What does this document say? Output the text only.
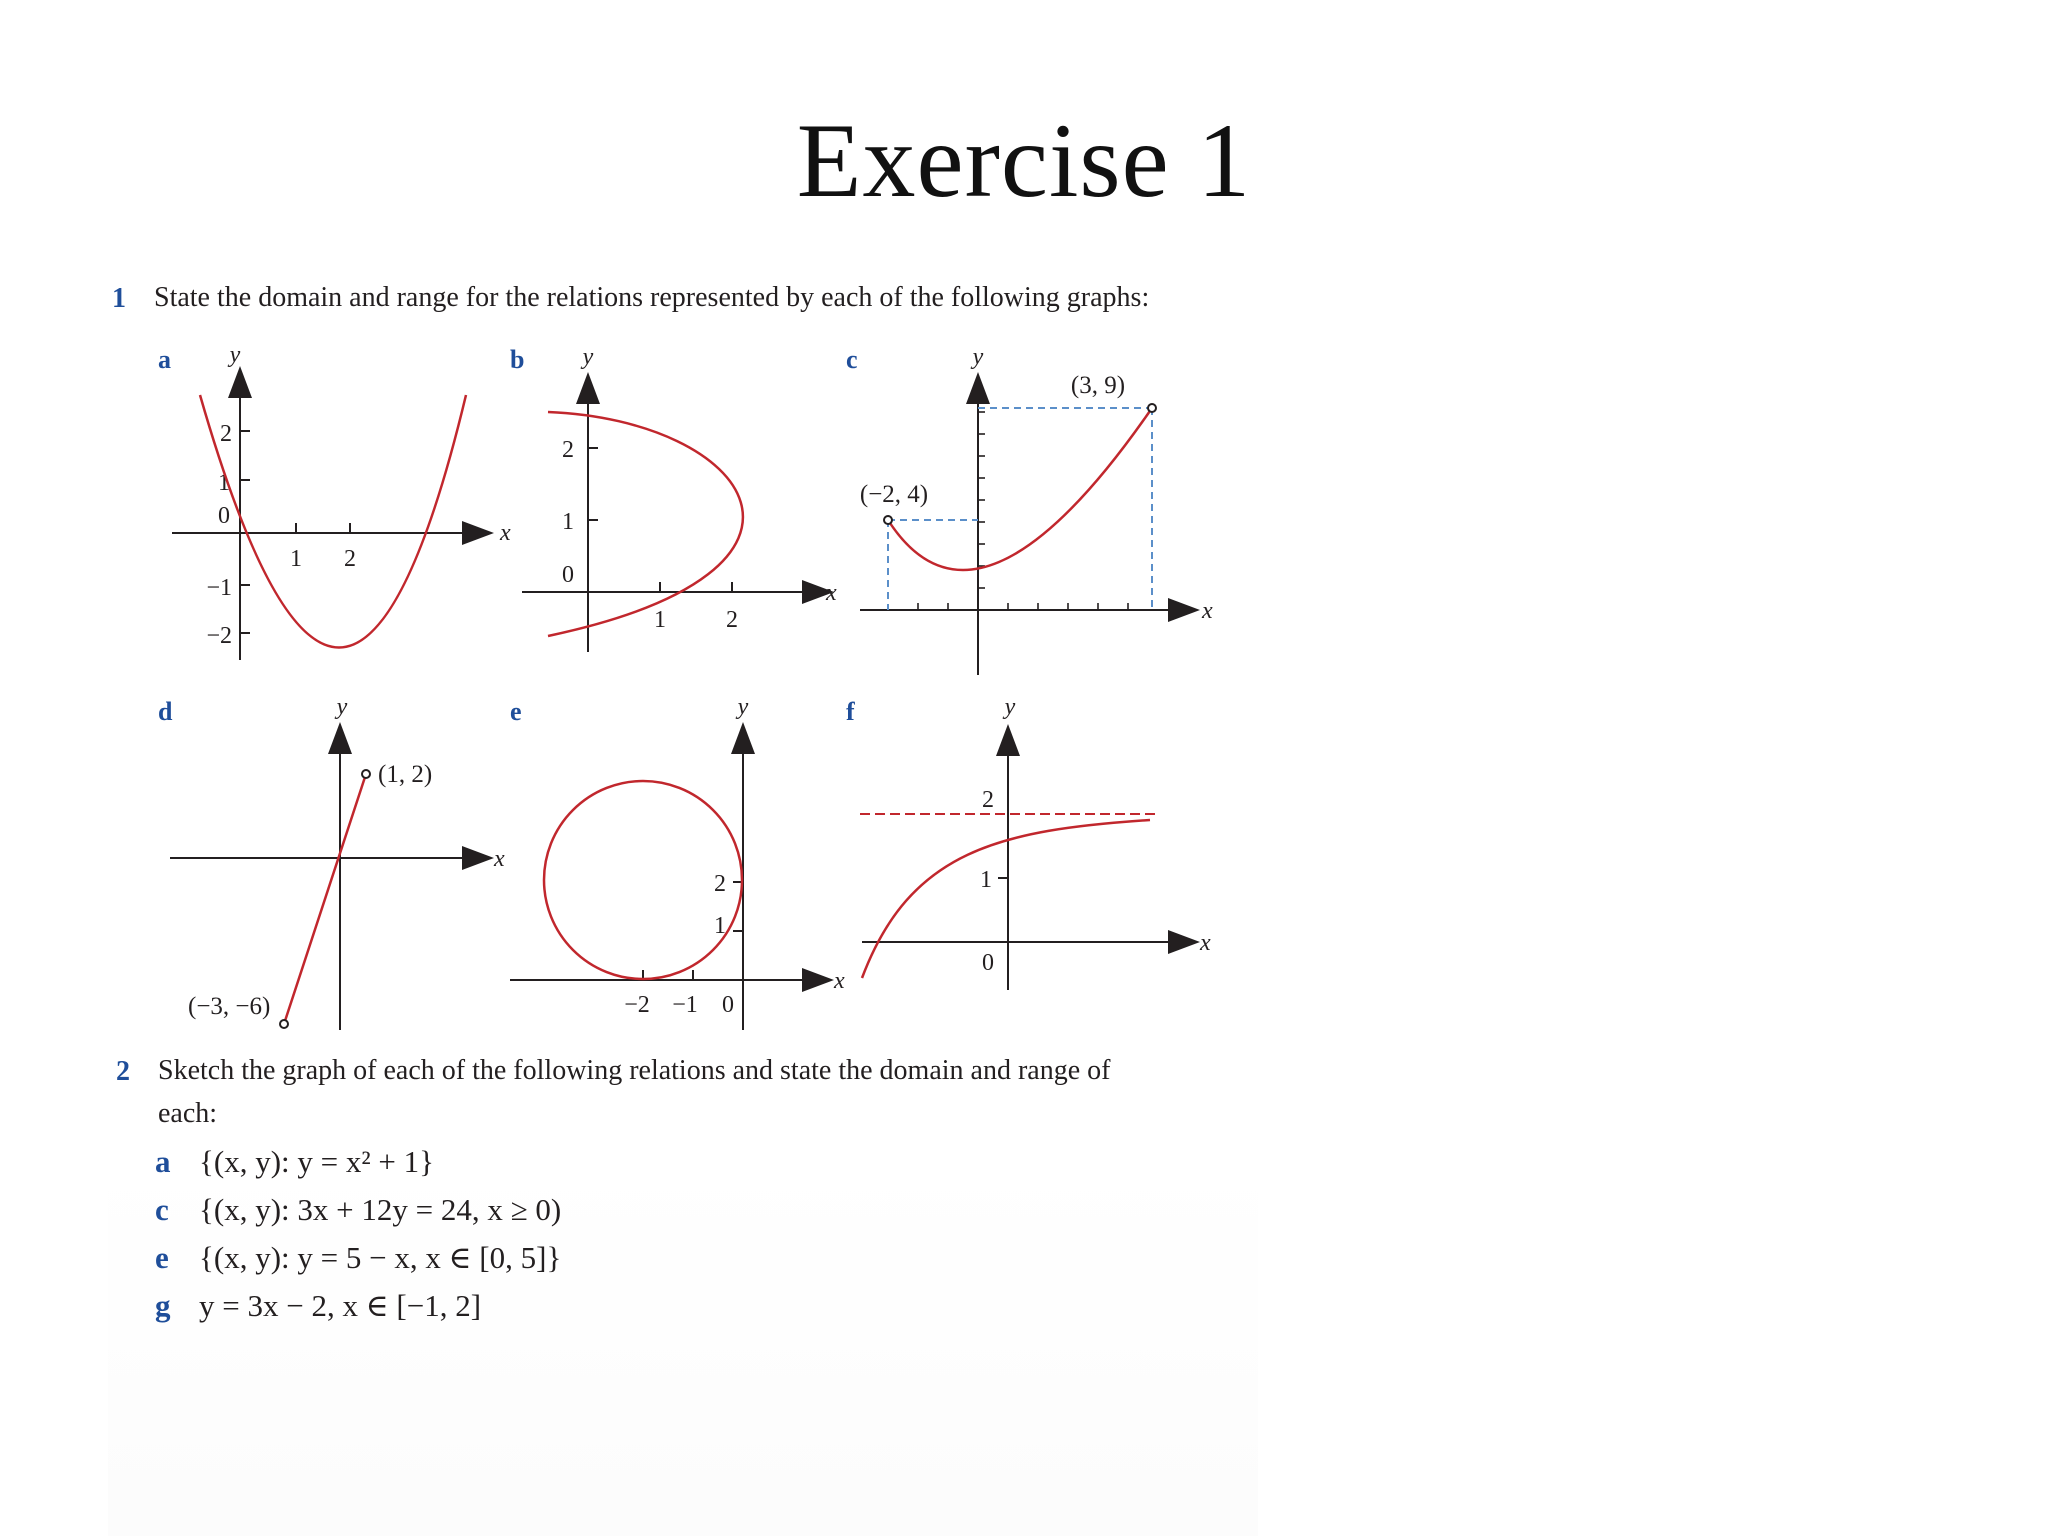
Exercise 1
1 State the domain and range for the relations represented by each of the following graphs:
a y
x
2
1
0
−1
−2
1 2
b y
x
2
1
0
1	2
c	y
x
(3, 9)
(−2, 4)
d	y
x
(1, 2)
(−3, −6)
e	y
x
2
1
−2 −1 0
f	y
x
2
1
0
2 Sketch the graph of each of the following relations and state the domain and range of
each:
a {(x, y): y = x² + 1}
c {(x, y): 3x + 12y = 24, x ≥ 0)
e {(x, y): y = 5 − x, x ∈ [0, 5]}
g y = 3x − 2, x ∈ [−1, 2]
